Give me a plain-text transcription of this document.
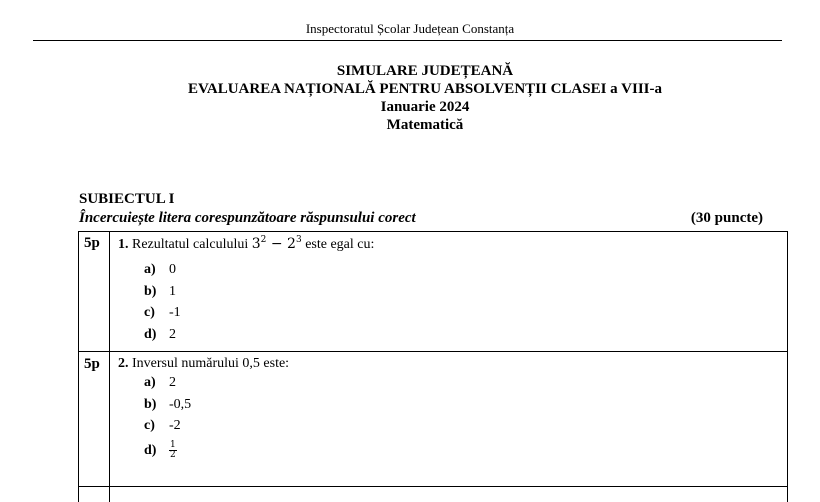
Inspectoratul Școlar Județean Constanța
SIMULARE JUDEȚEANĂ
EVALUAREA NAȚIONALĂ PENTRU ABSOLVENȚII CLASEI a VIII-a
Ianuarie 2024
Matematică
SUBIECTUL I
Încercuiește litera corespunzătoare răspunsului corect	(30 puncte)
5p 1. Rezultatul calculului $3^2 - 2^3$ este egal cu:
a) 0
b) 1
c) -1
d) 2
5p 2. Inversul numărului 0,5 este:
a) 2
b) -0,5
c) -2
$d) \frac{1}{2}$
